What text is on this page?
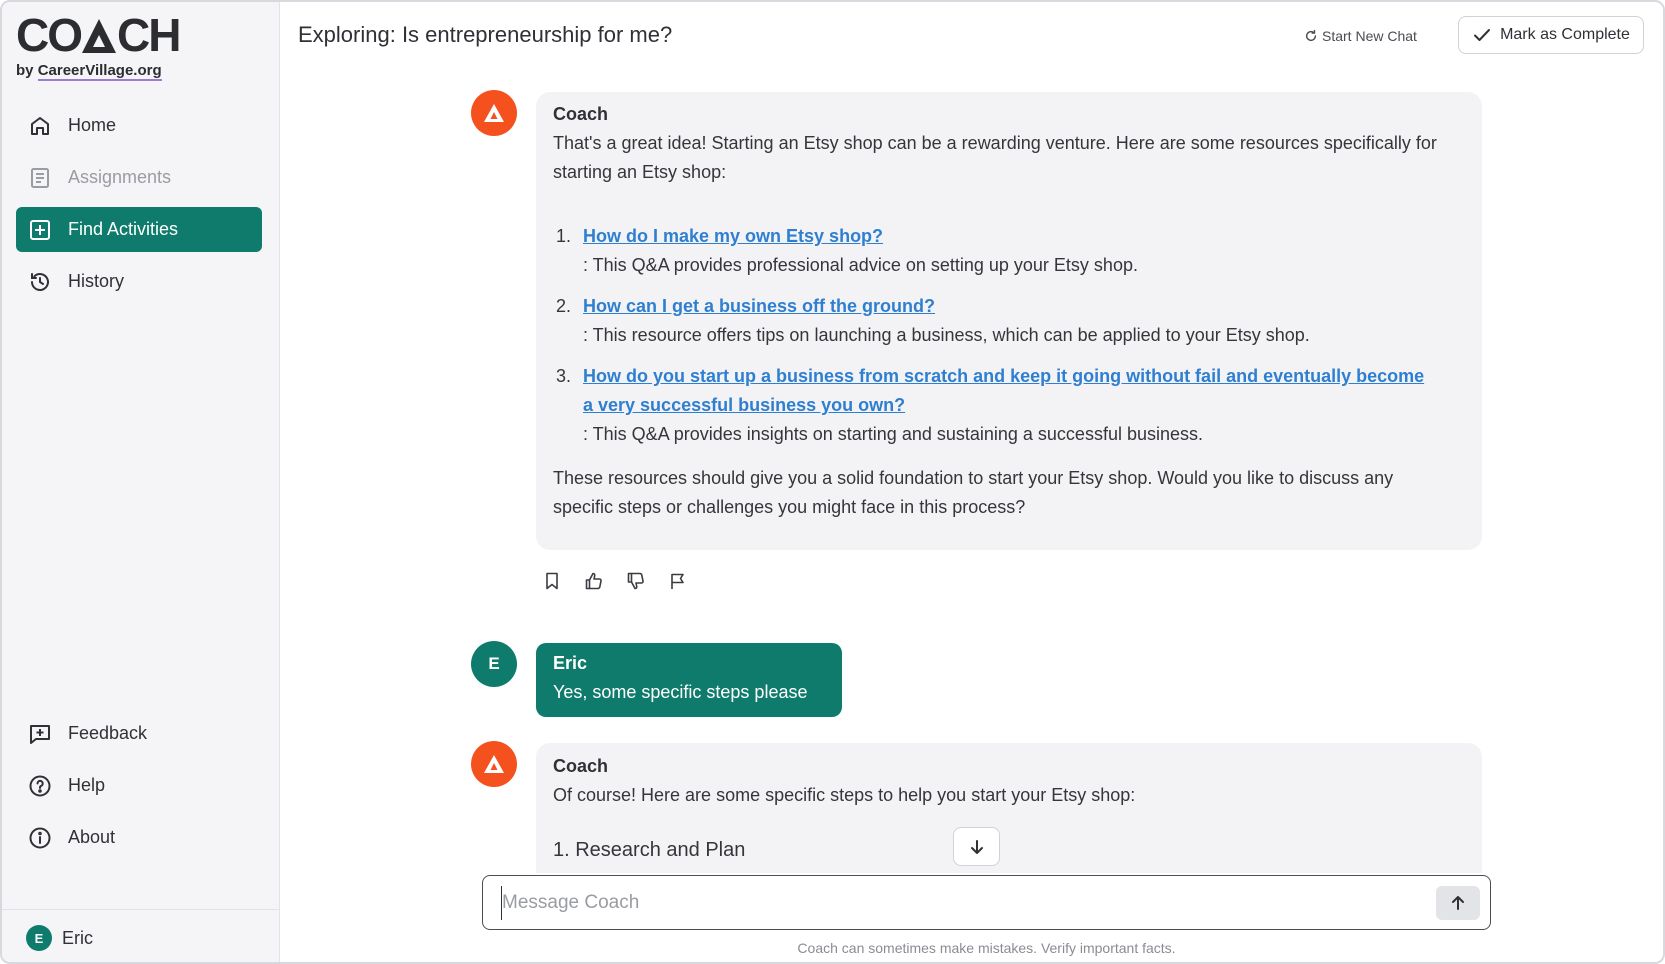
CO CH
by CareerVillage.org
Home
Assignments
Find Activities
History
Feedback
Help
About
E	Eric
Exploring: Is entrepreneurship for me?	Start New Chat	Mark as Complete
Coach
That's a great idea! Starting an Etsy shop can be a rewarding venture. Here are some resources specifically for starting an Etsy shop:
1. How do I make my own Etsy shop?
: This Q&A provides professional advice on setting up your Etsy shop.
2. How can I get a business off the ground?
: This resource offers tips on launching a business, which can be applied to your Etsy shop.
3. How do you start up a business from scratch and keep it going without fail and eventually become
a very successful business you own?
: This Q&A provides insights on starting and sustaining a successful business.
These resources should give you a solid foundation to start your Etsy shop. Would you like to discuss any specific steps or challenges you might face in this process?
E	Eric
Yes, some specific steps please
Coach
Of course! Here are some specific steps to help you start your Etsy shop:
1. Research and Plan
Message Coach
Coach can sometimes make mistakes. Verify important facts.
